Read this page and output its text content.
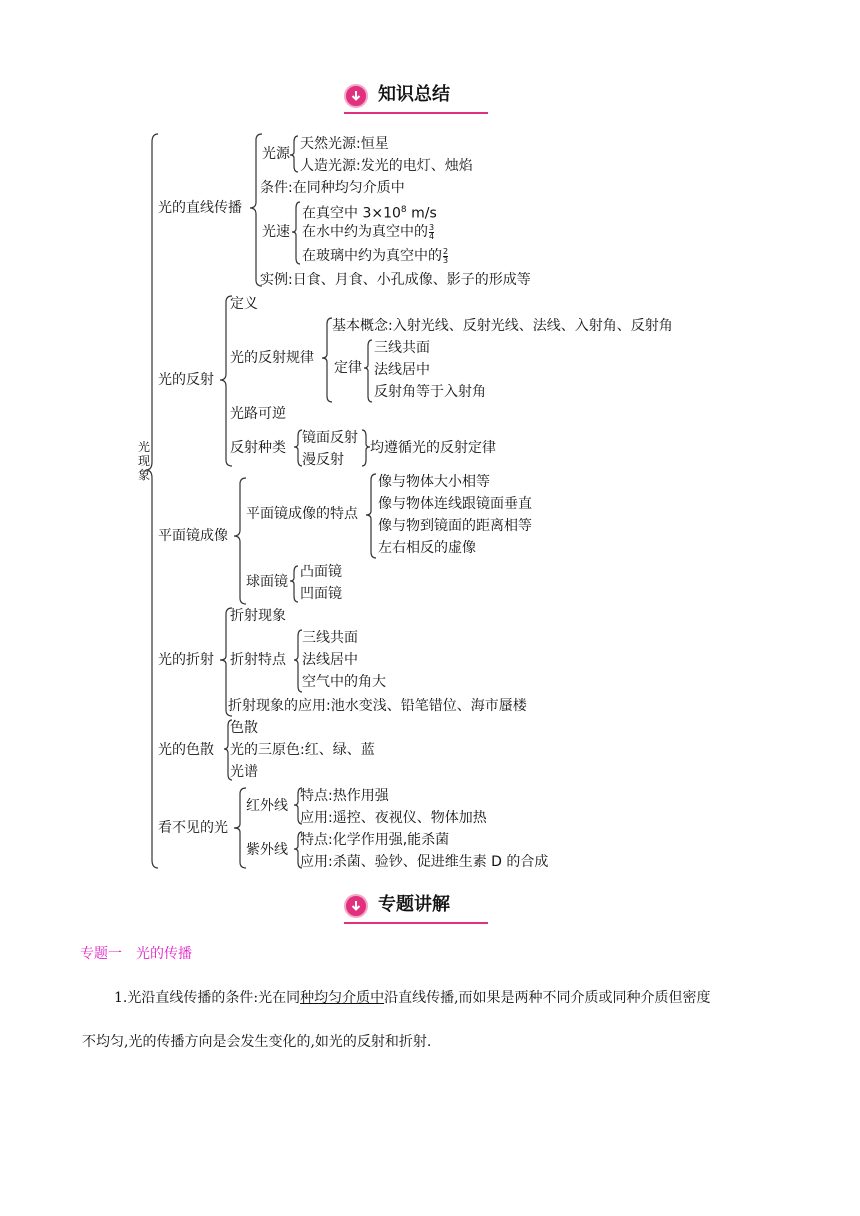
知识总结
光现象
光的直线传播
光源
天然光源:恒星
人造光源:发光的电灯、烛焰
条件:在同种均匀介质中
光速
在真空中 $3\times 10^8$ m/s
在水中约为真空中的 $\frac{3}{4}$
在玻璃中约为真空中的 $\frac{2}{3}$
实例:日食、月食、小孔成像、影子的形成等
光的反射
定义
光的反射规律
基本概念:入射光线、反射光线、法线、入射角、反射角
定律
三线共面
法线居中
反射角等于入射角
光路可逆
反射种类
镜面反射
漫反射
均遵循光的反射定律
平面镜成像
平面镜成像的特点
像与物体大小相等
像与物体连线跟镜面垂直
像与物到镜面的距离相等
左右相反的虚像
球面镜
凸面镜
凹面镜
光的折射
折射现象
折射特点
三线共面
法线居中
空气中的角大
折射现象的应用:池水变浅、铅笔错位、海市蜃楼
光的色散
色散
光的三原色:红、绿、蓝
光谱
看不见的光
红外线
特点:热作用强
应用:遥控、夜视仪、物体加热
紫外线
特点:化学作用强,能杀菌
应用:杀菌、验钞、促进维生素 D 的合成
专题讲解
专题一　光的传播
1.光沿直线传播的条件:光在同种均匀介质中沿直线传播,而如果是两种不同介质或同种介质但密度
不均匀,光的传播方向是会发生变化的,如光的反射和折射.
